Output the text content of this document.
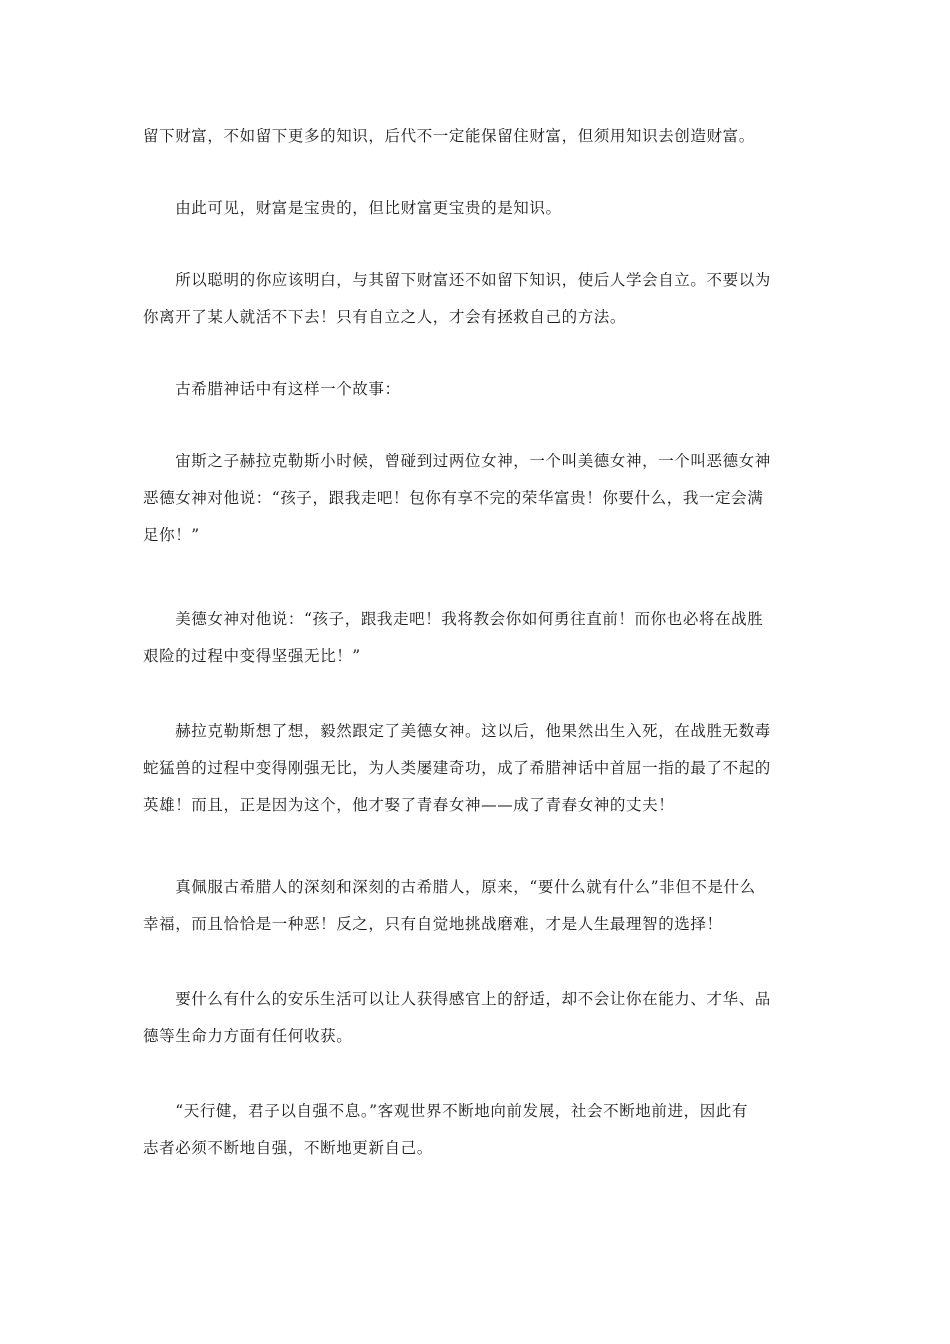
留下财富，不如留下更多的知识，后代不一定能保留住财富，但须用知识去创造财富。

　　由此可见，财富是宝贵的，但比财富更宝贵的是知识。

　　所以聪明的你应该明白，与其留下财富还不如留下知识，使后人学会自立。不要以为
你离开了某人就活不下去！只有自立之人，才会有拯救自己的方法。

　　古希腊神话中有这样一个故事：

　　宙斯之子赫拉克勒斯小时候，曾碰到过两位女神，一个叫美德女神，一个叫恶德女神
恶德女神对他说：“孩子，跟我走吧！包你有享不完的荣华富贵！你要什么，我一定会满
足你！”

　　美德女神对他说：“孩子，跟我走吧！我将教会你如何勇往直前！而你也必将在战胜
艰险的过程中变得坚强无比！”

　　赫拉克勒斯想了想，毅然跟定了美德女神。这以后，他果然出生入死，在战胜无数毒
蛇猛兽的过程中变得刚强无比，为人类屡建奇功，成了希腊神话中首屈一指的最了不起的
英雄！而且，正是因为这个，他才娶了青春女神——成了青春女神的丈夫！

　　真佩服古希腊人的深刻和深刻的古希腊人，原来，“要什么就有什么”非但不是什么
幸福，而且恰恰是一种恶！反之，只有自觉地挑战磨难，才是人生最理智的选择！

　　要什么有什么的安乐生活可以让人获得感官上的舒适，却不会让你在能力、才华、品
德等生命力方面有任何收获。

　　“天行健，君子以自强不息。”客观世界不断地向前发展，社会不断地前进，因此有
志者必须不断地自强，不断地更新自己。
